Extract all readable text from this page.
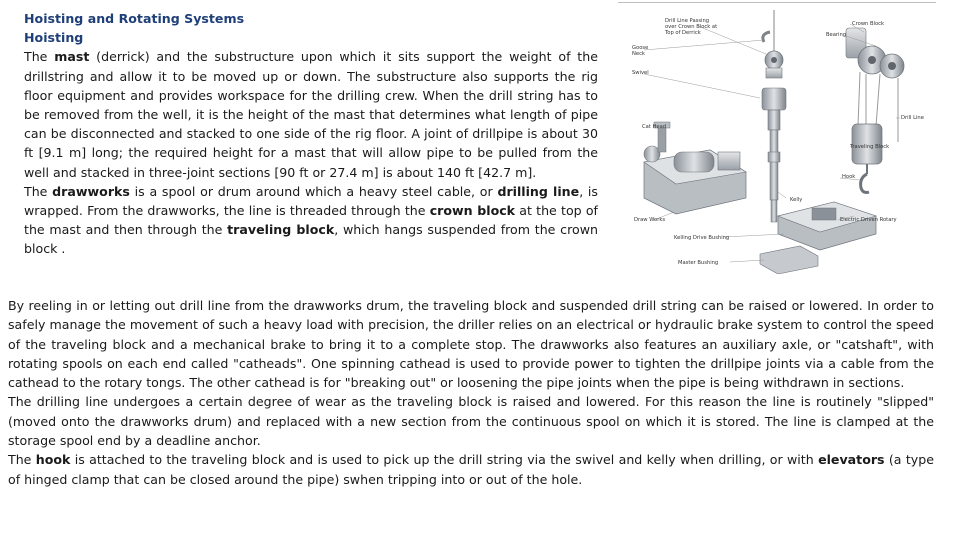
Hoisting and Rotating Systems

Hoisting

The mast (derrick) and the substructure upon which it sits support the weight of the drillstring and allow it to be moved up or down. The substructure also supports the rig floor equipment and provides workspace for the drilling crew. When the drill string has to be removed from the well, it is the height of the mast that determines what length of pipe can be disconnected and stacked to one side of the rig floor. A joint of drillpipe is about 30 ft [9.1 m] long; the required height for a mast that will allow pipe to be pulled from the well and stacked in three-joint sections [90 ft or 27.4 m] is about 140 ft [42.7 m].

The drawworks is a spool or drum around which a heavy steel cable, or drilling line, is wrapped. From the drawworks, the line is threaded through the crown block at the top of the mast and then through the traveling block, which hangs suspended from the crown block .

Drill Line Passing
over Crown Block at
Top of Derrick
Crown Block
Bearing
Goose
Neck
Swivel
Cat Head
Drill Line
Traveling Block
Hook
Kelly
Draw Works	Electric Driven Rotary
Kelling Drive Bushing
Master Bushing

By reeling in or letting out drill line from the drawworks drum, the traveling block and suspended drill string can be raised or lowered. In order to safely manage the movement of such a heavy load with precision, the driller relies on an electrical or hydraulic brake system to control the speed of the traveling block and a mechanical brake to bring it to a complete stop. The drawworks also features an auxiliary axle, or "catshaft", with rotating spools on each end called "catheads". One spinning cathead is used to provide power to tighten the drillpipe joints via a cable from the cathead to the rotary tongs. The other cathead is for "breaking out" or loosening the pipe joints when the pipe is being withdrawn in sections.

The drilling line undergoes a certain degree of wear as the traveling block is raised and lowered. For this reason the line is routinely "slipped" (moved onto the drawworks drum) and replaced with a new section from the continuous spool on which it is stored. The line is clamped at the storage spool end by a deadline anchor.

The hook is attached to the traveling block and is used to pick up the drill string via the swivel and kelly when drilling, or with elevators (a type of hinged clamp that can be closed around the pipe) swhen tripping into or out of the hole.
